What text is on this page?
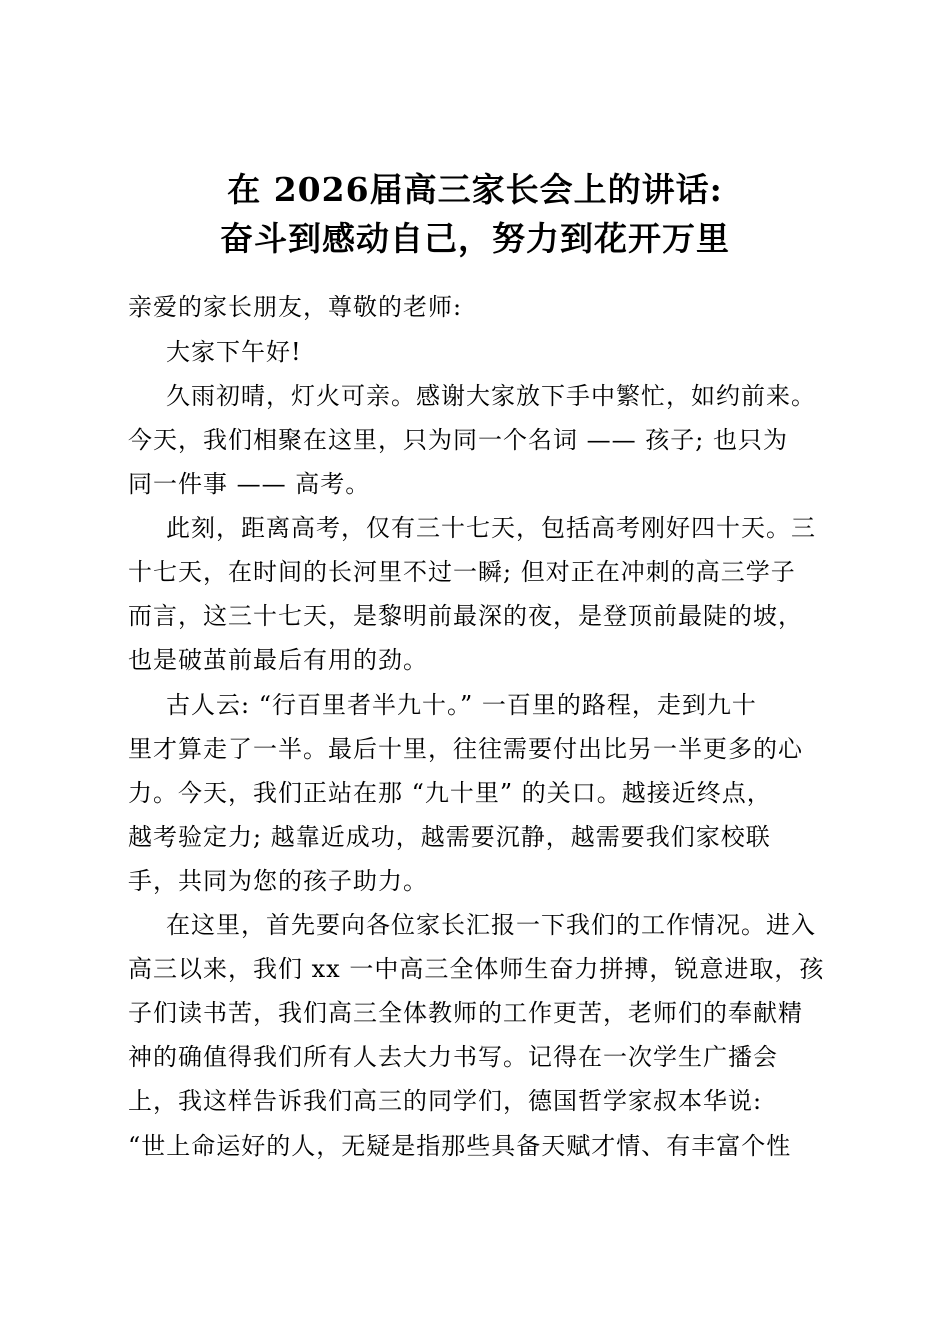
在 2026届高三家长会上的讲话:
奋斗到感动自己，努力到花开万里
亲爱的家长朋友，尊敬的老师:
大家下午好!
久雨初晴，灯火可亲。感谢大家放下手中繁忙，如约前来。
今天，我们相聚在这里，只为同一个名词 —— 孩子; 也只为
同一件事 —— 高考。
此刻，距离高考，仅有三十七天，包括高考刚好四十天。三
十七天，在时间的长河里不过一瞬; 但对正在冲刺的高三学子
而言，这三十七天，是黎明前最深的夜，是登顶前最陡的坡，
也是破茧前最后有用的劲。
古人云: “行百里者半九十。” 一百里的路程，走到九十
里才算走了一半。最后十里，往往需要付出比另一半更多的心
力。今天，我们正站在那 “九十里” 的关口。越接近终点，
越考验定力; 越靠近成功，越需要沉静，越需要我们家校联
手，共同为您的孩子助力。
在这里，首先要向各位家长汇报一下我们的工作情况。进入
高三以来，我们 xx 一中高三全体师生奋力拼搏，锐意进取，孩
子们读书苦，我们高三全体教师的工作更苦，老师们的奉献精
神的确值得我们所有人去大力书写。记得在一次学生广播会
上，我这样告诉我们高三的同学们，德国哲学家叔本华说:
“世上命运好的人，无疑是指那些具备天赋才情、有丰富个性
